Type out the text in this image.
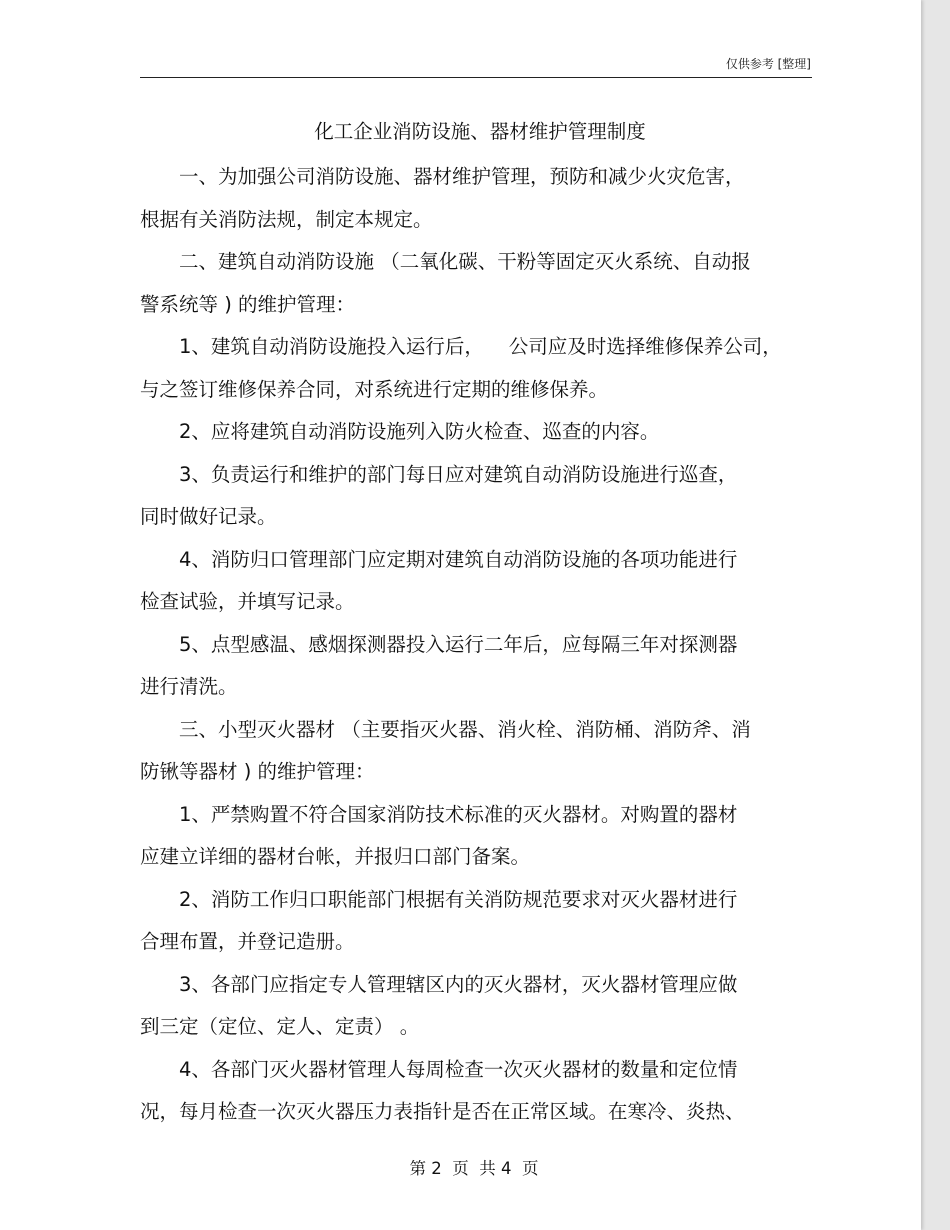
仅供参考 [整理]
化工企业消防设施、器材维护管理制度

一、为加强公司消防设施、器材维护管理，预防和减少火灾危害，

根据有关消防法规，制定本规定。

二、建筑自动消防设施 （二氧化碳、干粉等固定灭火系统、自动报

警系统等 ) 的维护管理：

1、建筑自动消防设施投入运行后，    公司应及时选择维修保养公司，

与之签订维修保养合同，对系统进行定期的维修保养。

2、应将建筑自动消防设施列入防火检查、巡查的内容。

3、负责运行和维护的部门每日应对建筑自动消防设施进行巡查，

同时做好记录。

4、消防归口管理部门应定期对建筑自动消防设施的各项功能进行

检查试验，并填写记录。

5、点型感温、感烟探测器投入运行二年后，应每隔三年对探测器

进行清洗。

三、小型灭火器材 （主要指灭火器、消火栓、消防桶、消防斧、消

防锹等器材 ) 的维护管理：

1、严禁购置不符合国家消防技术标准的灭火器材。对购置的器材

应建立详细的器材台帐，并报归口部门备案。

2、消防工作归口职能部门根据有关消防规范要求对灭火器材进行

合理布置，并登记造册。

3、各部门应指定专人管理辖区内的灭火器材，灭火器材管理应做

到三定（定位、定人、定责） 。

4、各部门灭火器材管理人每周检查一次灭火器材的数量和定位情

况，每月检查一次灭火器压力表指针是否在正常区域。在寒冷、炎热、

第 2  页  共 4  页
